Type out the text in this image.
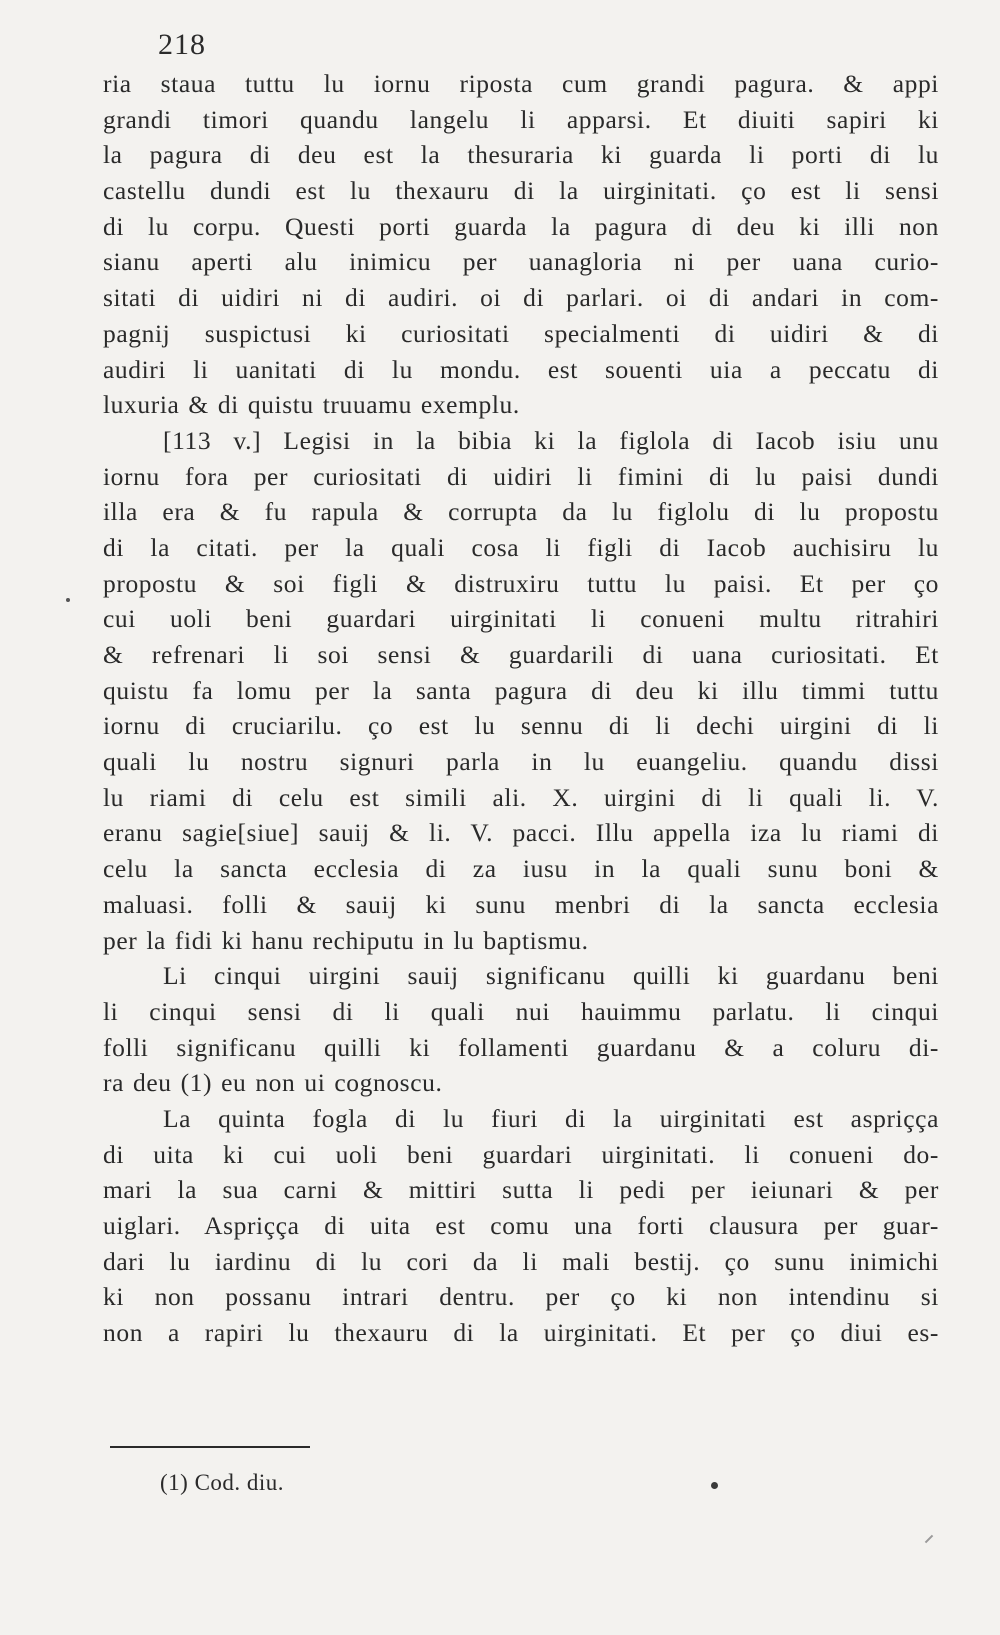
218
ria staua tuttu lu iornu riposta cum grandi pagura. & appi
grandi timori quandu langelu li apparsi. Et diuiti sapiri ki
la pagura di deu est la thesuraria ki guarda li porti di lu
castellu dundi est lu thexauru di la uirginitati. ço est li sensi
di lu corpu. Questi porti guarda la pagura di deu ki illi non
sianu aperti alu inimicu per uanagloria ni per uana curio-
sitati di uidiri ni di audiri. oi di parlari. oi di andari in com-
pagnij suspictusi ki curiositati specialmenti di uidiri & di
audiri li uanitati di lu mondu. est souenti uia a peccatu di
luxuria & di quistu truuamu exemplu.
[113 v.] Legisi in la bibia ki la figlola di Iacob isiu unu
iornu fora per curiositati di uidiri li fimini di lu paisi dundi
illa era & fu rapula & corrupta da lu figlolu di lu propostu
di la citati. per la quali cosa li figli di Iacob auchisiru lu
propostu & soi figli & distruxiru tuttu lu paisi. Et per ço
cui uoli beni guardari uirginitati li conueni multu ritrahiri
& refrenari li soi sensi & guardarili di uana curiositati. Et
quistu fa lomu per la santa pagura di deu ki illu timmi tuttu
iornu di cruciarilu. ço est lu sennu di li dechi uirgini di li
quali lu nostru signuri parla in lu euangeliu. quandu dissi
lu riami di celu est simili ali. X. uirgini di li quali li. V.
eranu sagie[siue] sauij & li. V. pacci. Illu appella iza lu riami di
celu la sancta ecclesia di za iusu in la quali sunu boni &
maluasi. folli & sauij ki sunu menbri di la sancta ecclesia
per la fidi ki hanu rechiputu in lu baptismu.
Li cinqui uirgini sauij significanu quilli ki guardanu beni
li cinqui sensi di li quali nui hauimmu parlatu. li cinqui
folli significanu quilli ki follamenti guardanu & a coluru di-
ra deu (1) eu non ui cognoscu.
La quinta fogla di lu fiuri di la uirginitati est aspriçça
di uita ki cui uoli beni guardari uirginitati. li conueni do-
mari la sua carni & mittiri sutta li pedi per ieiunari & per
uiglari. Aspriçça di uita est comu una forti clausura per guar-
dari lu iardinu di lu cori da li mali bestij. ço sunu inimichi
ki non possanu intrari dentru. per ço ki non intendinu si
non a rapiri lu thexauru di la uirginitati. Et per ço diui es-
(1) Cod. diu.
